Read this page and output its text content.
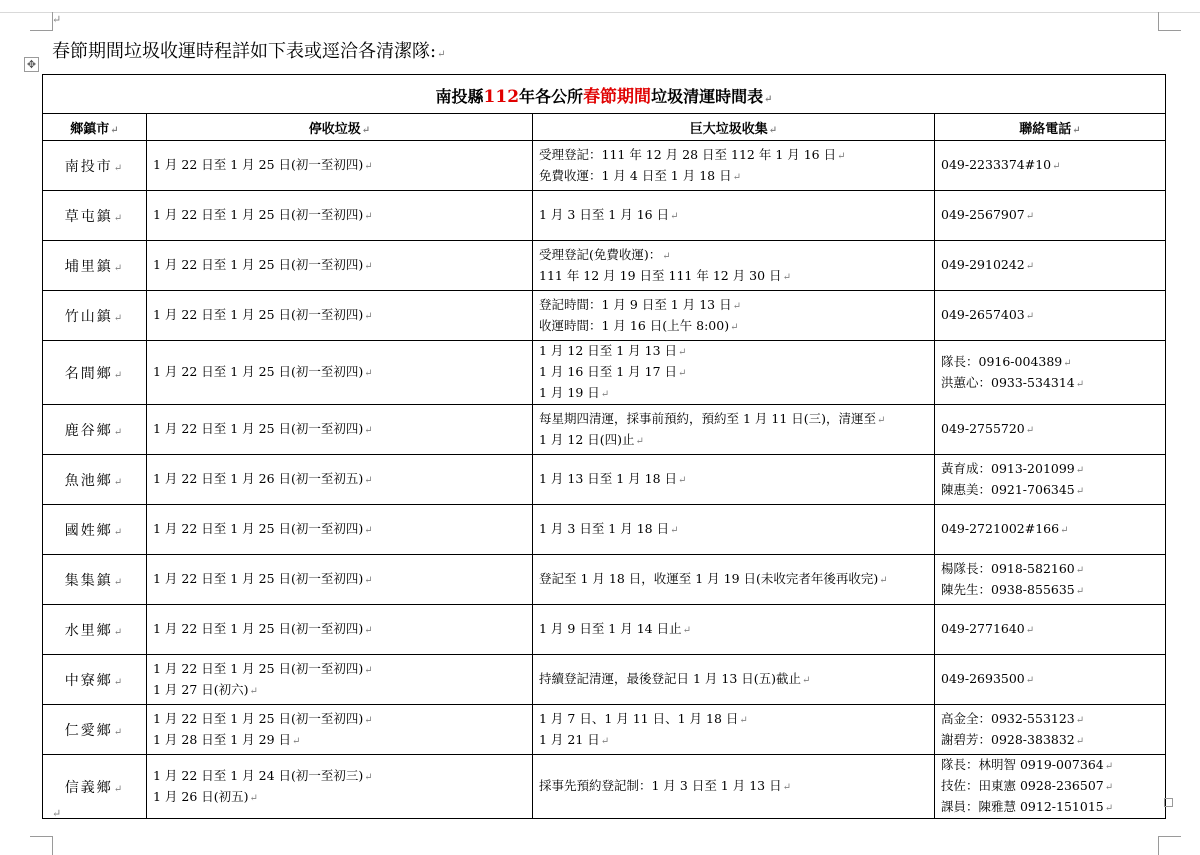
↵
春節期間垃圾收運時程詳如下表或逕洽各清潔隊:↵
✥
南投縣112年各公所春節期間垃圾清運時間表↵			
鄉鎮市↵	停收垃圾↵	巨大垃圾收集↵	聯絡電話↵

南投市↵	1 月 22 日至 1 月 25 日(初一至初四)↵	受理登記：111 年 12 月 28 日至 112 年 1 月 16 日↵
免費收運：1 月 4 日至 1 月 18 日↵	049-2233374#10↵

草屯鎮↵	1 月 22 日至 1 月 25 日(初一至初四)↵	1 月 3 日至 1 月 16 日↵	049-2567907↵

埔里鎮↵	1 月 22 日至 1 月 25 日(初一至初四)↵	受理登記(免費收運)：↵
111 年 12 月 19 日至 111 年 12 月 30 日↵	049-2910242↵

竹山鎮↵	1 月 22 日至 1 月 25 日(初一至初四)↵	登記時間：1 月 9 日至 1 月 13 日↵
收運時間：1 月 16 日(上午 8:00)↵	049-2657403↵

名間鄉↵	1 月 22 日至 1 月 25 日(初一至初四)↵	1 月 12 日至 1 月 13 日↵
1 月 16 日至 1 月 17 日↵
1 月 19 日↵	隊長：0916-004389↵
洪蕙心：0933-534314↵

鹿谷鄉↵	1 月 22 日至 1 月 25 日(初一至初四)↵	每星期四清運，採事前預約，預約至 1 月 11 日(三)，清運至↵
1 月 12 日(四)止↵	049-2755720↵

魚池鄉↵	1 月 22 日至 1 月 26 日(初一至初五)↵	1 月 13 日至 1 月 18 日↵	黃育成：0913-201099↵
陳惠美：0921-706345↵

國姓鄉↵	1 月 22 日至 1 月 25 日(初一至初四)↵	1 月 3 日至 1 月 18 日↵	049-2721002#166↵

集集鎮↵	1 月 22 日至 1 月 25 日(初一至初四)↵	登記至 1 月 18 日，收運至 1 月 19 日(未收完者年後再收完)↵	楊隊長：0918-582160↵
陳先生：0938-855635↵

水里鄉↵	1 月 22 日至 1 月 25 日(初一至初四)↵	1 月 9 日至 1 月 14 日止↵	049-2771640↵

中寮鄉↵	1 月 22 日至 1 月 25 日(初一至初四)↵
1 月 27 日(初六)↵	持續登記清運，最後登記日 1 月 13 日(五)截止↵	049-2693500↵

仁愛鄉↵	1 月 22 日至 1 月 25 日(初一至初四)↵
1 月 28 日至 1 月 29 日↵	1 月 7 日、1 月 11 日、1 月 18 日↵
1 月 21 日↵	高金全：0932-553123↵
謝碧芳：0928-383832↵

信義鄉↵	1 月 22 日至 1 月 24 日(初一至初三)↵
1 月 26 日(初五)↵	採事先預約登記制：1 月 3 日至 1 月 13 日↵	隊長：林明智 0919-007364↵
技佐：田東憲 0928-236507↵
課員：陳雅慧 0912-151015↵
↵
